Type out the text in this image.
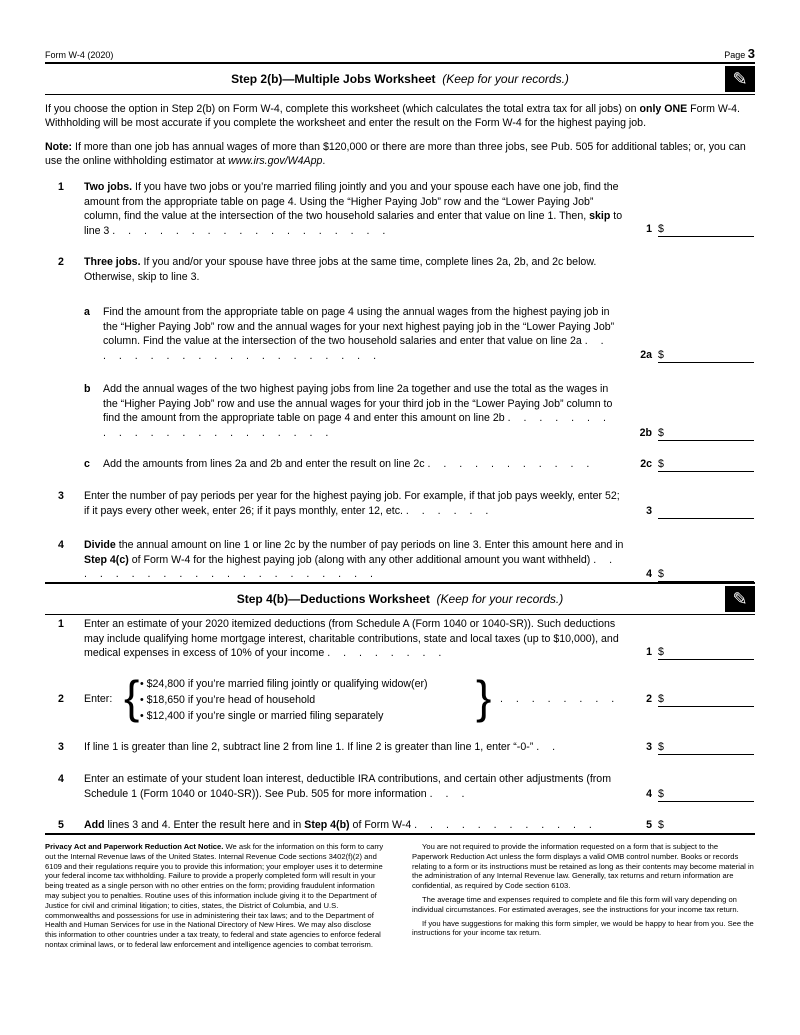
Form W-4 (2020)	Page 3
Step 2(b)—Multiple Jobs Worksheet (Keep for your records.)	✎
If you choose the option in Step 2(b) on Form W-4, complete this worksheet (which calculates the total extra tax for all jobs) on only ONE Form W-4. Withholding will be most accurate if you complete the worksheet and enter the result on the Form W-4 for the highest paying job.
Note: If more than one job has annual wages of more than $120,000 or there are more than three jobs, see Pub. 505 for additional tables; or, you can use the online withholding estimator at www.irs.gov/W4App.
1 Two jobs. If you have two jobs or you’re married filing jointly and you and your spouse each have one job, find the amount from the appropriate table on page 4. Using the “Higher Paying Job” row and the “Lower Paying Job” column, find the value at the intersection of the two household salaries and enter that value on line 1. Then, skip to line 3 . . . . . . . . . . . . . . . . . .	1 $
2 Three jobs. If you and/or your spouse have three jobs at the same time, complete lines 2a, 2b, and 2c below. Otherwise, skip to line 3.
a Find the amount from the appropriate table on page 4 using the annual wages from the highest paying job in the “Higher Paying Job” row and the annual wages for your next highest paying job in the “Lower Paying Job” column. Find the value at the intersection of the two household salaries and enter that value on line 2a . . . . . . . . . . . . . . . . . . . .	2a $
b Add the annual wages of the two highest paying jobs from line 2a together and use the total as the wages in the “Higher Paying Job” row and use the annual wages for your third job in the “Lower Paying Job” column to find the amount from the appropriate table on page 4 and enter this amount on line 2b . . . . . . . . . . . . . . . . . . . . . .	2b $
c Add the amounts from lines 2a and 2b and enter the result on line 2c . . . . . . . . . . .	2c $
3 Enter the number of pay periods per year for the highest paying job. For example, if that job pays weekly, enter 52; if it pays every other week, enter 26; if it pays monthly, enter 12, etc. . . . . . .	3
4 Divide the annual amount on line 1 or line 2c by the number of pay periods on line 3. Enter this amount here and in Step 4(c) of Form W-4 for the highest paying job (along with any other additional amount you want withheld) . . . . . . . . . . . . . . . . . . . . .	4 $
Step 4(b)—Deductions Worksheet (Keep for your records.)	✎
1 Enter an estimate of your 2020 itemized deductions (from Schedule A (Form 1040 or 1040-SR)). Such deductions may include qualifying home mortgage interest, charitable contributions, state and local taxes (up to $10,000), and medical expenses in excess of 10% of your income . . . . . . . .	1 $
2 Enter: { • $24,800 if you’re married filing jointly or qualifying widow(er)
• $18,650 if you’re head of household
• $12,400 if you’re single or married filing separately	} . . . . . . . .	2 $
3 If line 1 is greater than line 2, subtract line 2 from line 1. If line 2 is greater than line 1, enter “-0-” . .	3 $
4 Enter an estimate of your student loan interest, deductible IRA contributions, and certain other adjustments (from Schedule 1 (Form 1040 or 1040-SR)). See Pub. 505 for more information . . .	4 $
5 Add lines 3 and 4. Enter the result here and in Step 4(b) of Form W-4 . . . . . . . . . . . .	5 $

Privacy Act and Paperwork Reduction Act Notice. We ask for the information on this form to carry out the Internal Revenue laws of the United States. Internal Revenue Code sections 3402(f)(2) and 6109 and their regulations require you to provide this information; your employer uses it to determine your federal income tax withholding. Failure to provide a properly completed form will result in your being treated as a single person with no other entries on the form; providing fraudulent information may subject you to penalties. Routine uses of this information include giving it to the Department of Justice for civil and criminal litigation; to cities, states, the District of Columbia, and U.S. commonwealths and possessions for use in administering their tax laws; and to the Department of Health and Human Services for use in the National Directory of New Hires. We may also disclose this information to other countries under a tax treaty, to federal and state agencies to enforce federal nontax criminal laws, or to federal law enforcement and intelligence agencies to combat terrorism.

You are not required to provide the information requested on a form that is subject to the Paperwork Reduction Act unless the form displays a valid OMB control number. Books or records relating to a form or its instructions must be retained as long as their contents may become material in the administration of any Internal Revenue law. Generally, tax returns and return information are confidential, as required by Code section 6103.

The average time and expenses required to complete and file this form will vary depending on individual circumstances. For estimated averages, see the instructions for your income tax return.

If you have suggestions for making this form simpler, we would be happy to hear from you. See the instructions for your income tax return.
